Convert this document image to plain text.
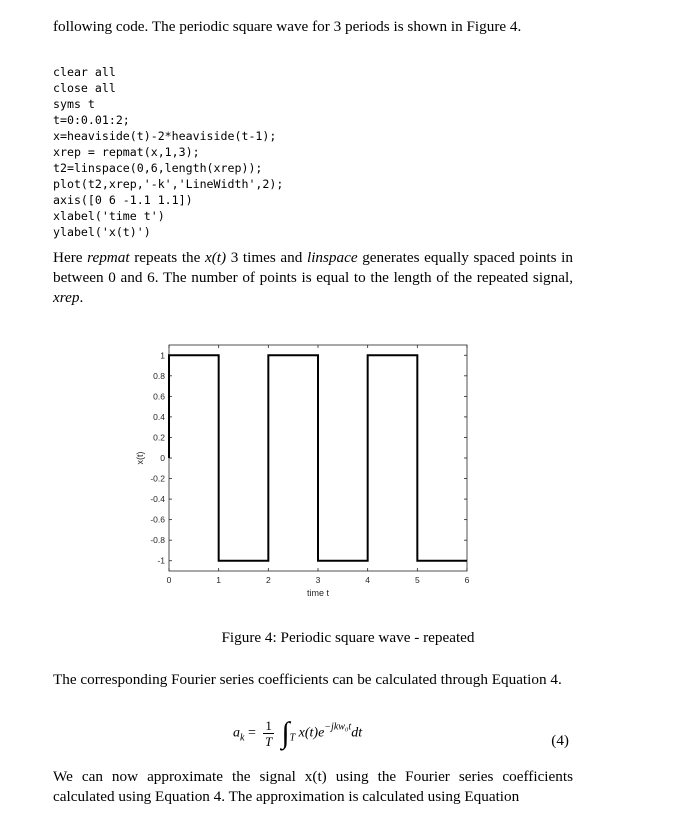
following code. The periodic square wave for 3 periods is shown in Figure 4.
clear all
close all
syms t
t=0:0.01:2;
x=heaviside(t)-2*heaviside(t-1);
xrep = repmat(x,1,3);
t2=linspace(0,6,length(xrep));
plot(t2,xrep,'-k','LineWidth',2);
axis([0 6 -1.1 1.1])
xlabel('time t')
ylabel('x(t)')
Here repmat repeats the x(t) 3 times and linspace generates equally spaced points in between 0 and 6. The number of points is equal to the length of the repeated signal, xrep.
0	1	2	3	4	5	6
1
0.8
0.6
0.4
0.2
0
-0.2
-0.4
-0.6
-0.8
-1
time t
x(t)
Figure 4: Periodic square wave - repeated
The corresponding Fourier series coefficients can be calculated through Equation 4.
$a_k = \frac{1}{T} \int_T$ $x(t)e^{-jkw_0t}dt$	(4)
We can now approximate the signal x(t) using the Fourier series coefficients calculated using Equation 4. The approximation is calculated using Equation
